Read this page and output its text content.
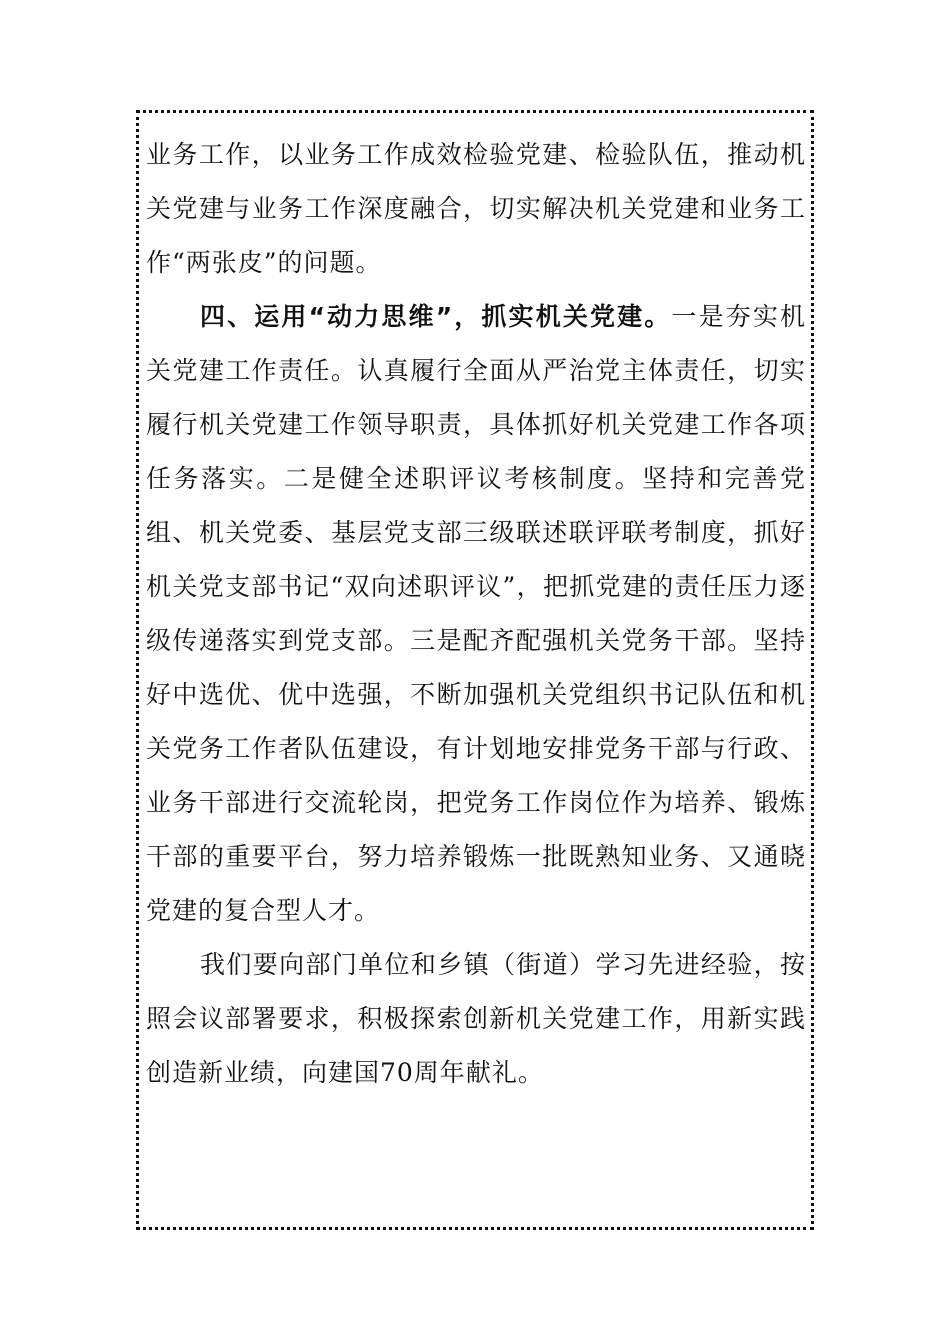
业务工作，以业务工作成效检验党建、检验队伍，推动机关党建与业务工作深度融合，切实解决机关党建和业务工作“两张皮”的问题。

四、运用“动力思维”，抓实机关党建。一是夯实机关党建工作责任。认真履行全面从严治党主体责任，切实履行机关党建工作领导职责，具体抓好机关党建工作各项任务落实。二是健全述职评议考核制度。坚持和完善党组、机关党委、基层党支部三级联述联评联考制度，抓好机关党支部书记“双向述职评议”，把抓党建的责任压力逐级传递落实到党支部。三是配齐配强机关党务干部。坚持好中选优、优中选强，不断加强机关党组织书记队伍和机关党务工作者队伍建设，有计划地安排党务干部与行政、业务干部进行交流轮岗，把党务工作岗位作为培养、锻炼干部的重要平台，努力培养锻炼一批既熟知业务、又通晓党建的复合型人才。

我们要向部门单位和乡镇（街道）学习先进经验，按照会议部署要求，积极探索创新机关党建工作，用新实践创造新业绩，向建国70周年献礼。
